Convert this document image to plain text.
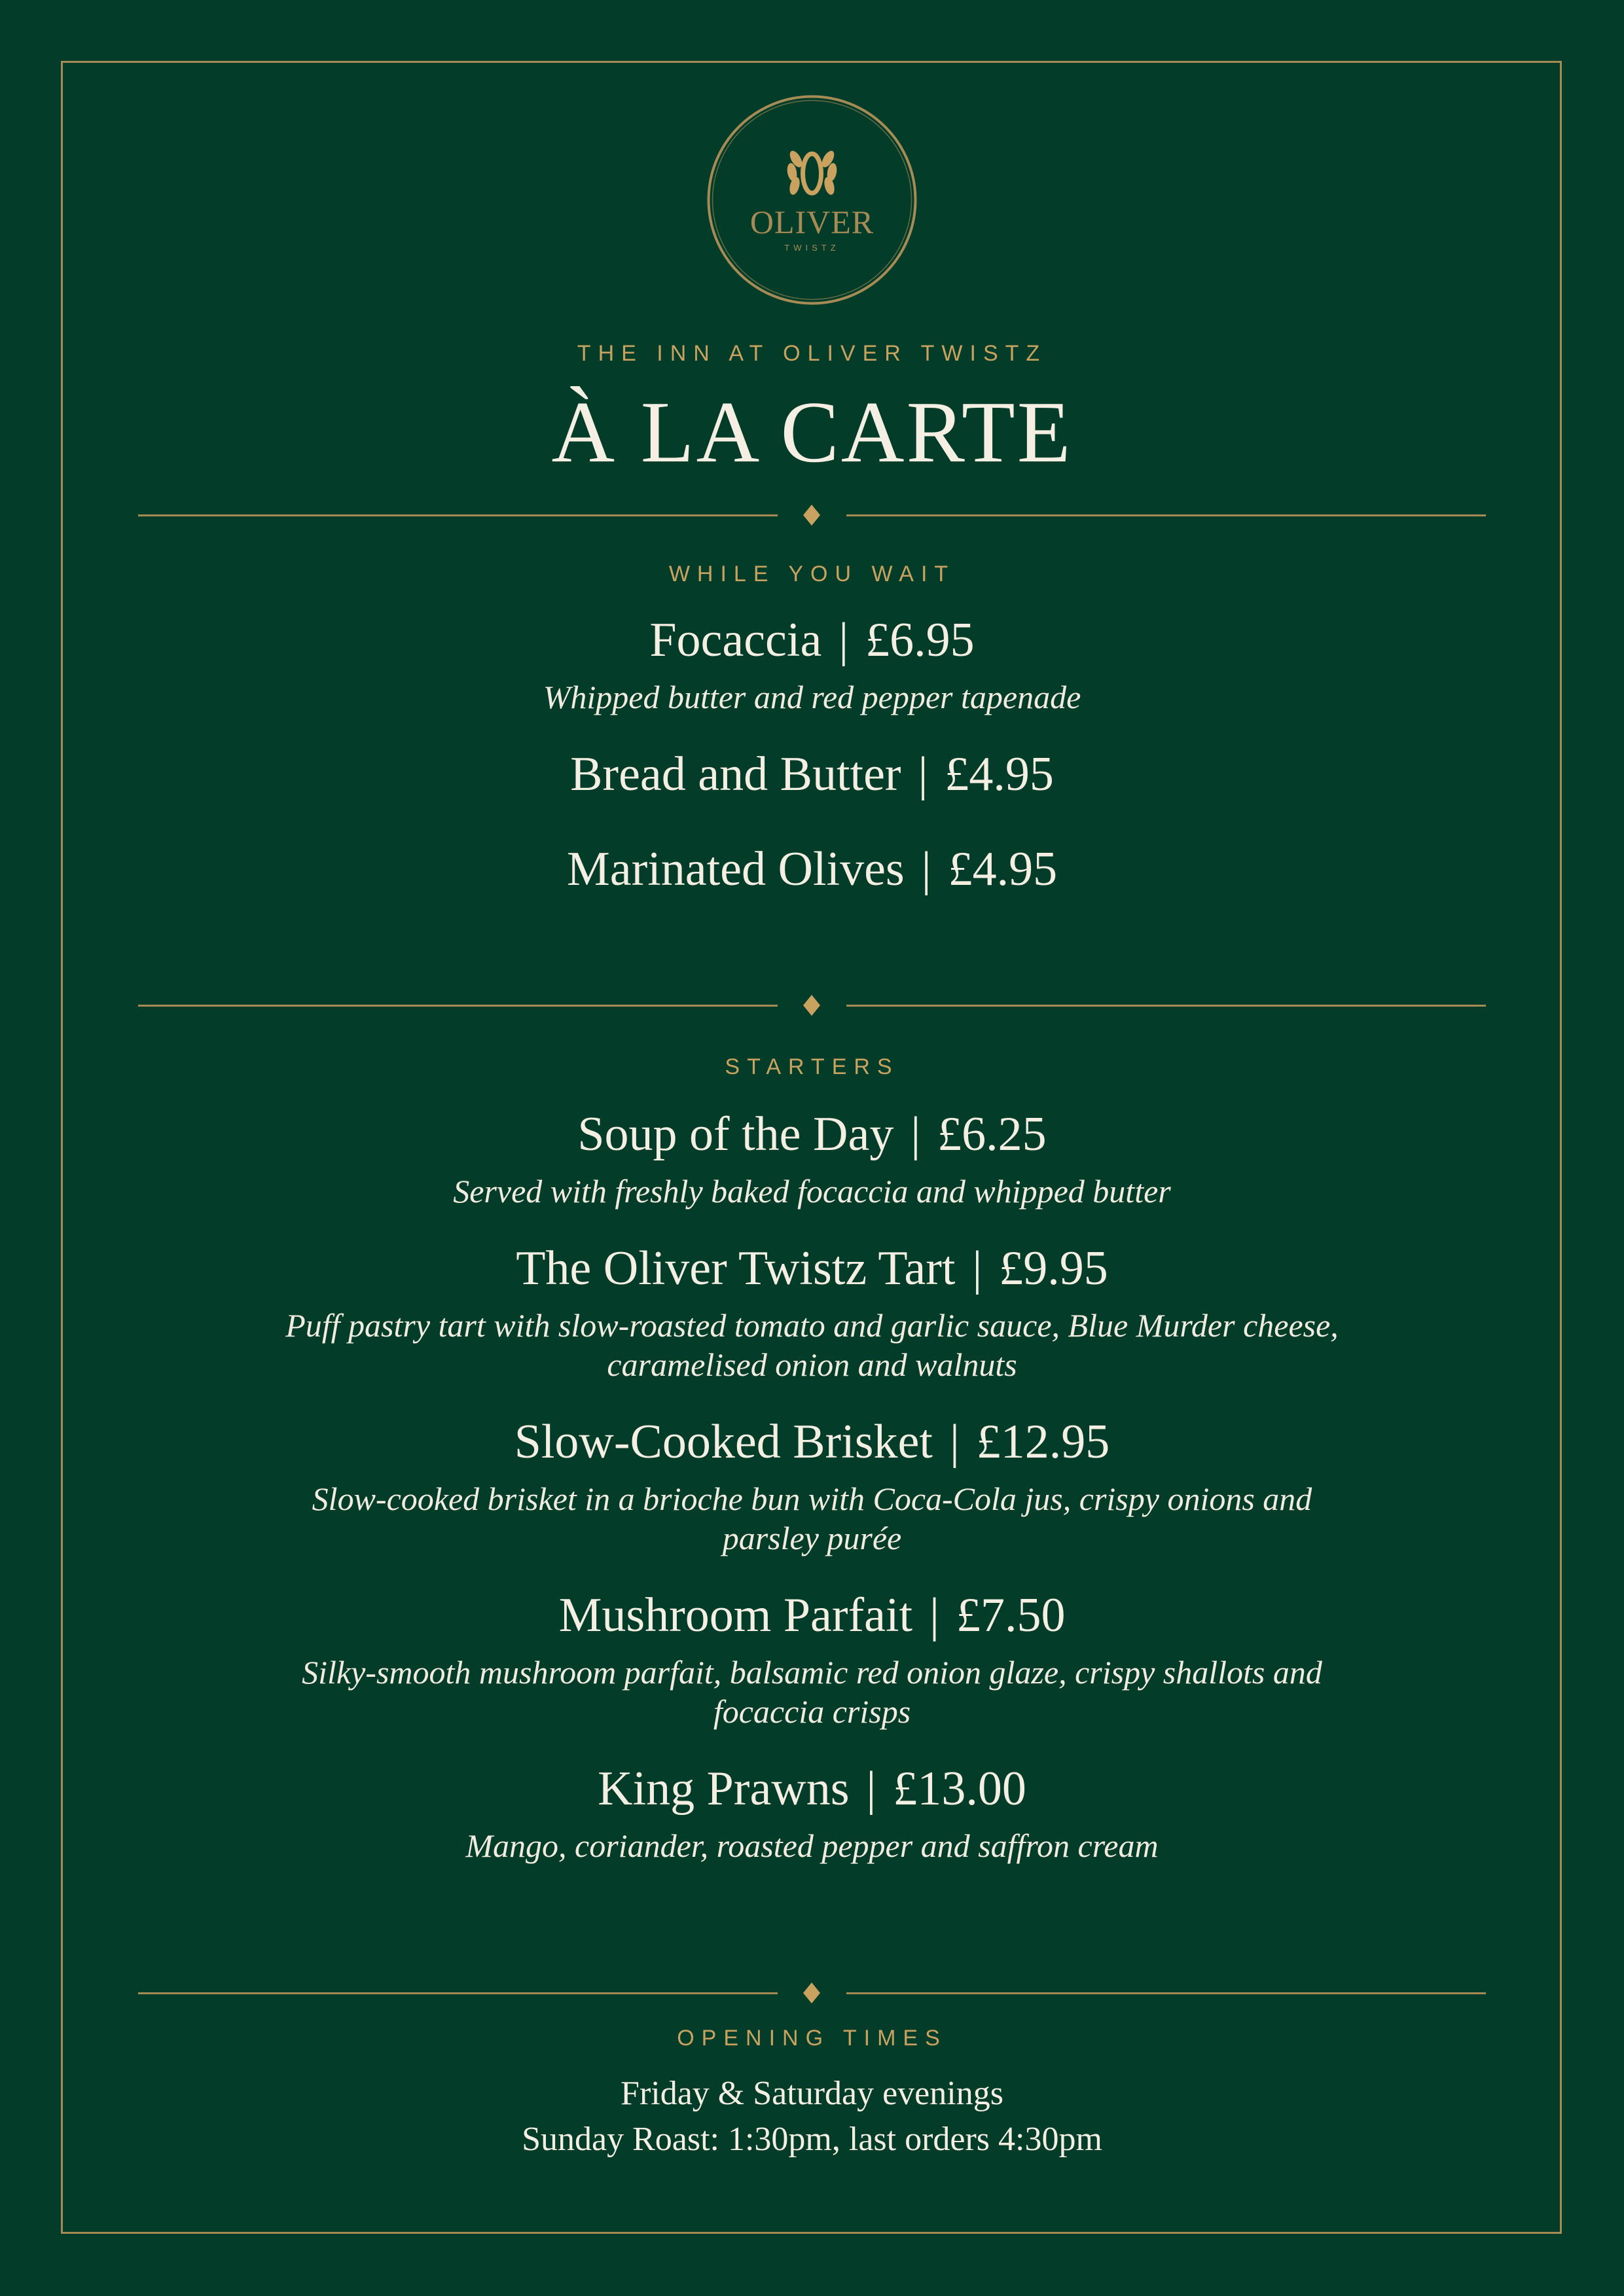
OLIVER
TWISTZ
THE INN AT OLIVER TWISTZ
À LA CARTE
WHILE YOU WAIT
Focaccia | £6.95
Whipped butter and red pepper tapenade
Bread and Butter | £4.95
Marinated Olives | £4.95
STARTERS
Soup of the Day | £6.25
Served with freshly baked focaccia and whipped butter
The Oliver Twistz Tart | £9.95
Puff pastry tart with slow-roasted tomato and garlic sauce, Blue Murder cheese,
caramelised onion and walnuts
Slow-Cooked Brisket | £12.95
Slow-cooked brisket in a brioche bun with Coca-Cola jus, crispy onions and
parsley purée
Mushroom Parfait | £7.50
Silky-smooth mushroom parfait, balsamic red onion glaze, crispy shallots and
focaccia crisps
King Prawns | £13.00
Mango, coriander, roasted pepper and saffron cream
OPENING TIMES
Friday & Saturday evenings
Sunday Roast: 1:30pm, last orders 4:30pm
